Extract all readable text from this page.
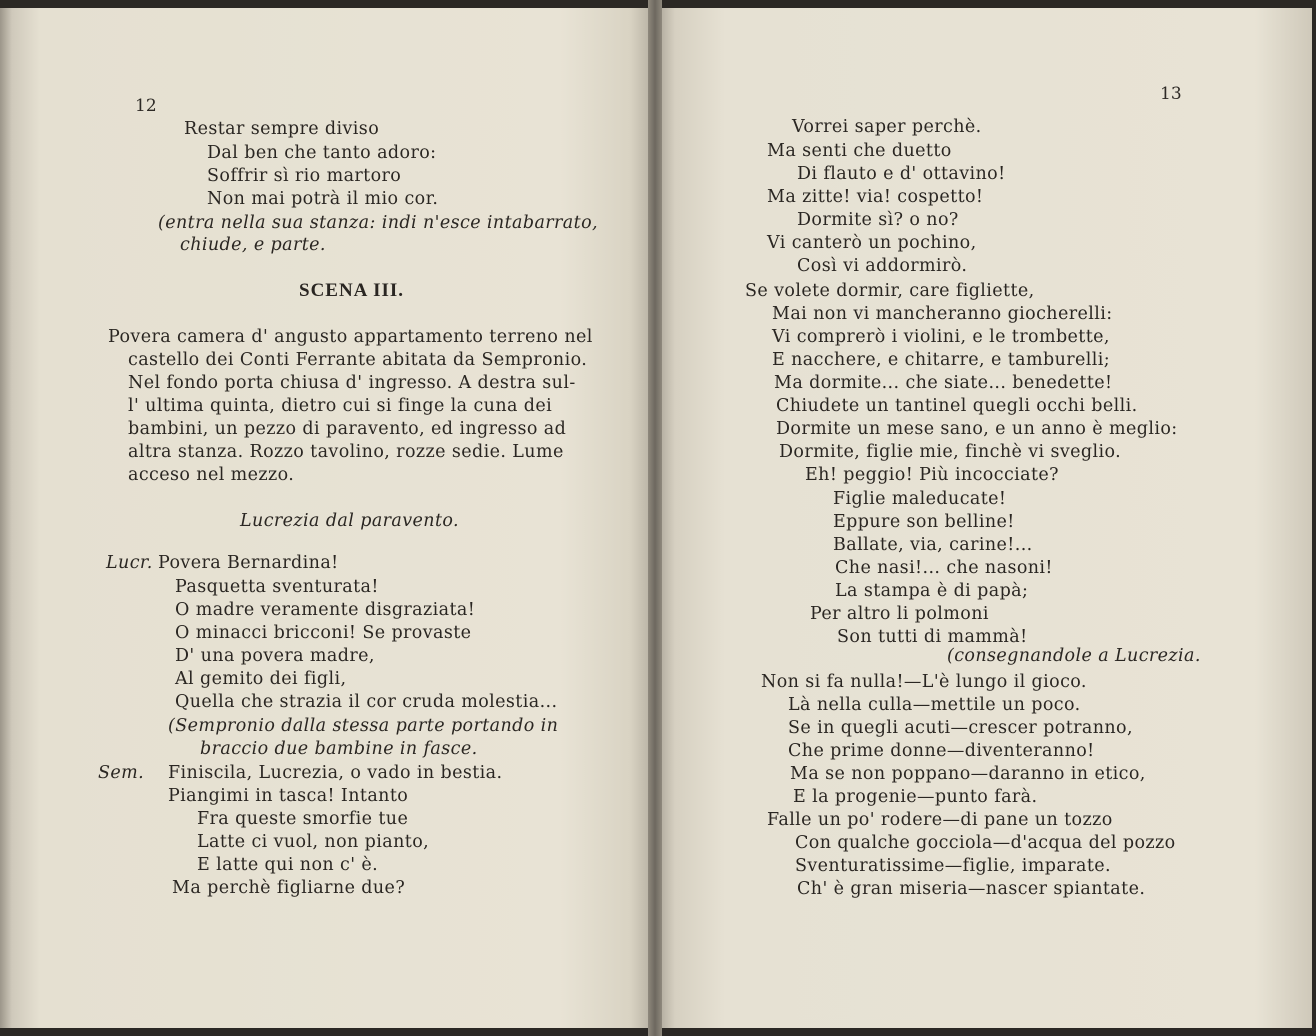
12
Restar sempre diviso
Dal ben che tanto adoro:
Soffrir sì rio martoro
Non mai potrà il mio cor.
(entra nella sua stanza: indi n'esce intabarrato,
chiude, e parte.
SCENA III.
Povera camera d' angusto appartamento terreno nel
castello dei Conti Ferrante abitata da Sempronio.
Nel fondo porta chiusa d' ingresso. A destra sul-
l' ultima quinta, dietro cui si finge la cuna dei
bambini, un pezzo di paravento, ed ingresso ad
altra stanza. Rozzo tavolino, rozze sedie. Lume
acceso nel mezzo.
Lucrezia dal paravento.
Lucr. Povera Bernardina!
Pasquetta sventurata!
O madre veramente disgraziata!
O minacci bricconi! Se provaste
D' una povera madre,
Al gemito dei figli,
Quella che strazia il cor cruda molestia...
(Sempronio dalla stessa parte portando in
braccio due bambine in fasce.
Sem. Finiscila, Lucrezia, o vado in bestia.
Piangimi in tasca! Intanto
Fra queste smorfie tue
Latte ci vuol, non pianto,
E latte qui non c' è.
Ma perchè figliarne due?
13
Vorrei saper perchè.
Ma senti che duetto
Di flauto e d' ottavino!
Ma zitte! via! cospetto!
Dormite sì? o no?
Vi canterò un pochino,
Così vi addormirò.
Se volete dormir, care figliette,
Mai non vi mancheranno giocherelli:
Vi comprerò i violini, e le trombette,
E nacchere, e chitarre, e tamburelli;
Ma dormite... che siate... benedette!
Chiudete un tantinel quegli occhi belli.
Dormite un mese sano, e un anno è meglio:
Dormite, figlie mie, finchè vi sveglio.
Eh! peggio! Più incocciate?
Figlie maleducate!
Eppure son belline!
Ballate, via, carine!...
Che nasi!... che nasoni!
La stampa è di papà;
Per altro li polmoni
Son tutti di mammà!
(consegnandole a Lucrezia.
Non si fa nulla!—L'è lungo il gioco.
Là nella culla—mettile un poco.
Se in quegli acuti—crescer potranno,
Che prime donne—diventeranno!
Ma se non poppano—daranno in etico,
E la progenie—punto farà.
Falle un po' rodere—di pane un tozzo
Con qualche gocciola—d'acqua del pozzo
Sventuratissime—figlie, imparate.
Ch' è gran miseria—nascer spiantate.
